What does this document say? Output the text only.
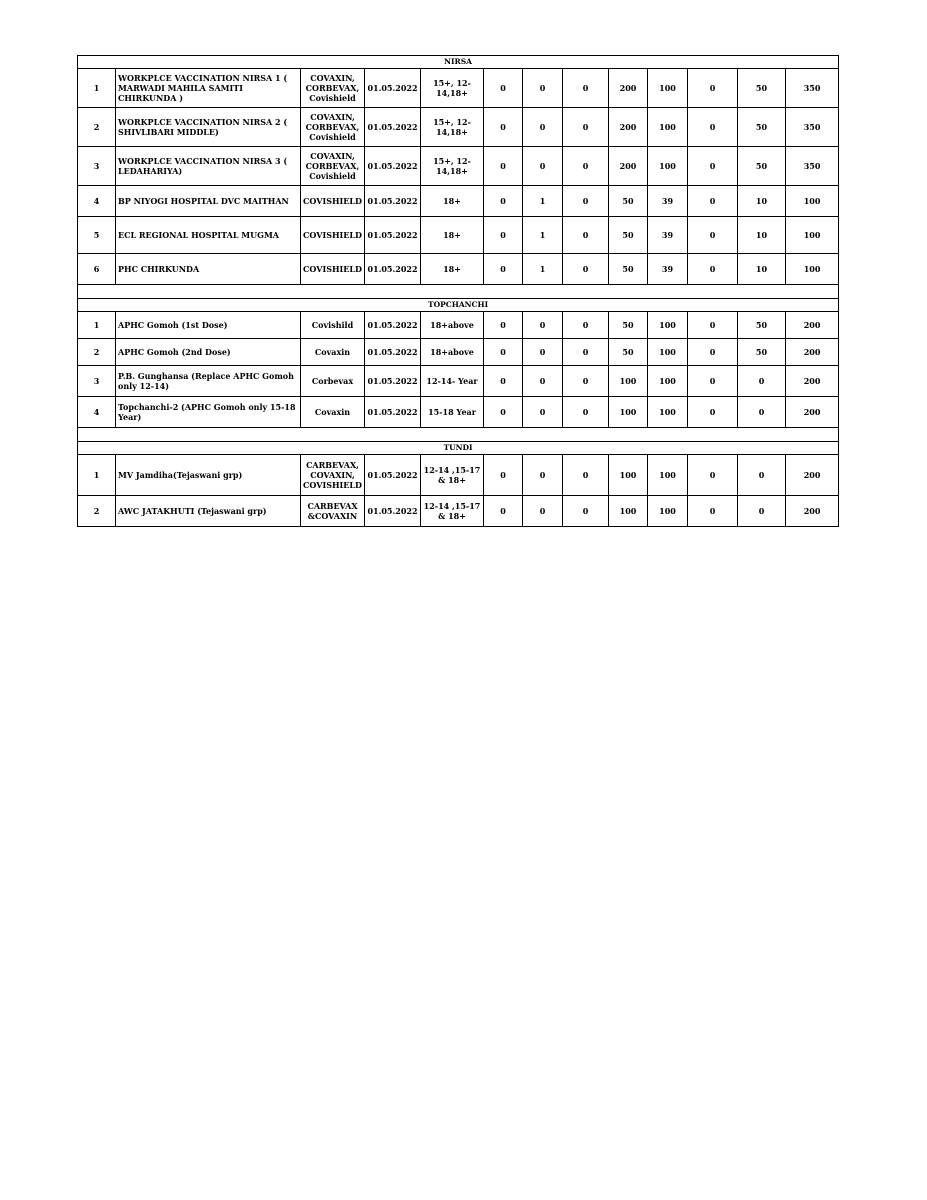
NIRSA												
1	WORKPLCE VACCINATION NIRSA 1 ( MARWADI MAHILA SAMITI CHIRKUNDA )	COVAXIN, CORBEVAX, Covishield	01.05.2022	15+, 12-14,18+	0	0	0	200	100	0	50	350
2	WORKPLCE VACCINATION NIRSA 2 ( SHIVLIBARI MIDDLE)	COVAXIN, CORBEVAX, Covishield	01.05.2022	15+, 12-14,18+	0	0	0	200	100	0	50	350
3	WORKPLCE VACCINATION NIRSA 3 ( LEDAHARIYA)	COVAXIN, CORBEVAX, Covishield	01.05.2022	15+, 12-14,18+	0	0	0	200	100	0	50	350
4	BP NIYOGI HOSPITAL DVC MAITHAN	COVISHIELD	01.05.2022	18+	0	1	0	50	39	0	10	100
5	ECL REGIONAL HOSPITAL MUGMA	COVISHIELD	01.05.2022	18+	0	1	0	50	39	0	10	100
6	PHC CHIRKUNDA	COVISHIELD	01.05.2022	18+	0	1	0	50	39	0	10	100

TOPCHANCHI												
1	APHC Gomoh (1st Dose)	Covishild	01.05.2022	18+above	0	0	0	50	100	0	50	200
2	APHC Gomoh (2nd Dose)	Covaxin	01.05.2022	18+above	0	0	0	50	100	0	50	200
3	P.B. Gunghansa (Replace APHC Gomoh only 12-14)	Corbevax	01.05.2022	12-14- Year	0	0	0	100	100	0	0	200
4	Topchanchi-2 (APHC Gomoh only 15-18 Year)	Covaxin	01.05.2022	15-18 Year	0	0	0	100	100	0	0	200

TUNDI												
1	MV Jamdiha(Tejaswani grp)	CARBEVAX, COVAXIN, COVISHIELD	01.05.2022	12-14 ,15-17 & 18+	0	0	0	100	100	0	0	200
2	AWC JATAKHUTI (Tejaswani grp)	CARBEVAX &COVAXIN	01.05.2022	12-14 ,15-17 & 18+	0	0	0	100	100	0	0	200
